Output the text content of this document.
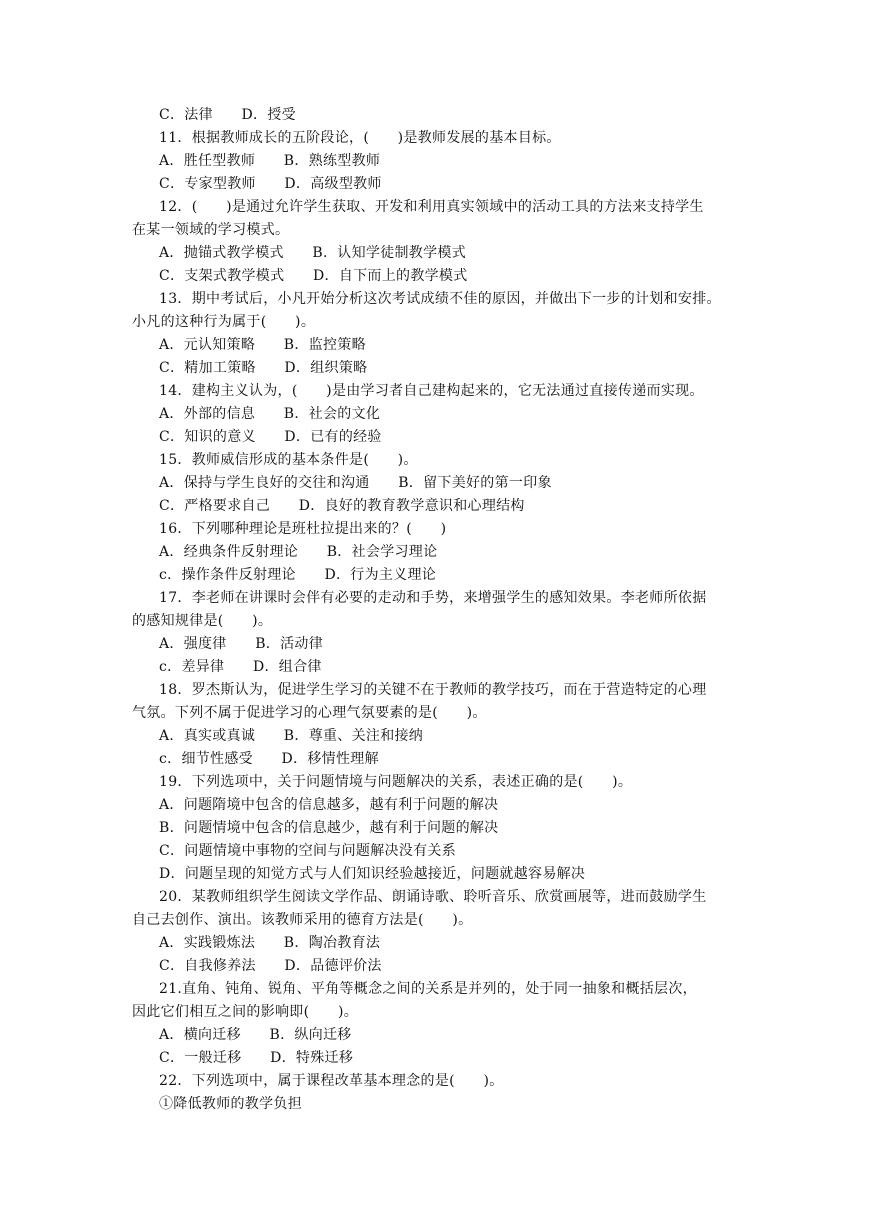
C．法律　　D．授受
11．根据教师成长的五阶段论，(　　)是教师发展的基本目标。
A．胜任型教师　　B．熟练型教师
C．专家型教师　　D．高级型教师
12．(　　)是通过允许学生获取、开发和利用真实领域中的活动工具的方法来支持学生
在某一领域的学习模式。
A．抛锚式教学模式　　B．认知学徒制教学模式
C．支架式教学模式　　D．自下而上的教学模式
13．期中考试后，小凡开始分析这次考试成绩不佳的原因，并做出下一步的计划和安排。
小凡的这种行为属于(　　)。
A．元认知策略　　B．监控策略
C．精加工策略　　D．组织策略
14．建构主义认为，(　　)是由学习者自己建构起来的，它无法通过直接传递而实现。
A．外部的信息　　B．社会的文化
C．知识的意义　　D．已有的经验
15．教师威信形成的基本条件是(　　)。
A．保持与学生良好的交往和沟通　　B．留下美好的第一印象
C．严格要求自己　　D．良好的教育教学意识和心理结构
16．下列哪种理论是班杜拉提出来的？(　　)
A．经典条件反射理论　　B．社会学习理论
c．操作条件反射理论　　D．行为主义理论
17．李老师在讲课时会伴有必要的走动和手势，来增强学生的感知效果。李老师所依据
的感知规律是(　　)。
A．强度律　　B．活动律
c．差异律　　D．组合律
18．罗杰斯认为，促进学生学习的关键不在于教师的教学技巧，而在于营造特定的心理
气氛。下列不属于促进学习的心理气氛要素的是(　　)。
A．真实或真诚　　B．尊重、关注和接纳
c．细节性感受　　D．移情性理解
19．下列选项中，关于问题情境与问题解决的关系，表述正确的是(　　)。
A．问题隋境中包含的信息越多，越有利于问题的解决
B．问题情境中包含的信息越少，越有利于问题的解决
C．问题情境中事物的空间与问题解决没有关系
D．问题呈现的知觉方式与人们知识经验越接近，问题就越容易解决
20．某教师组织学生阅读文学作品、朗诵诗歌、聆听音乐、欣赏画展等，进而鼓励学生
自己去创作、演出。该教师采用的德育方法是(　　)。
A．实践锻炼法　　B．陶冶教育法
C．自我修养法　　D．品德评价法
21.直角、钝角、锐角、平角等概念之间的关系是并列的，处于同一抽象和概括层次，
因此它们相互之间的影响即(　　)。
A．横向迁移　　B．纵向迁移
C．一般迁移　　D．特殊迁移
22．下列选项中，属于课程改革基本理念的是(　　)。
①降低教师的教学负担
